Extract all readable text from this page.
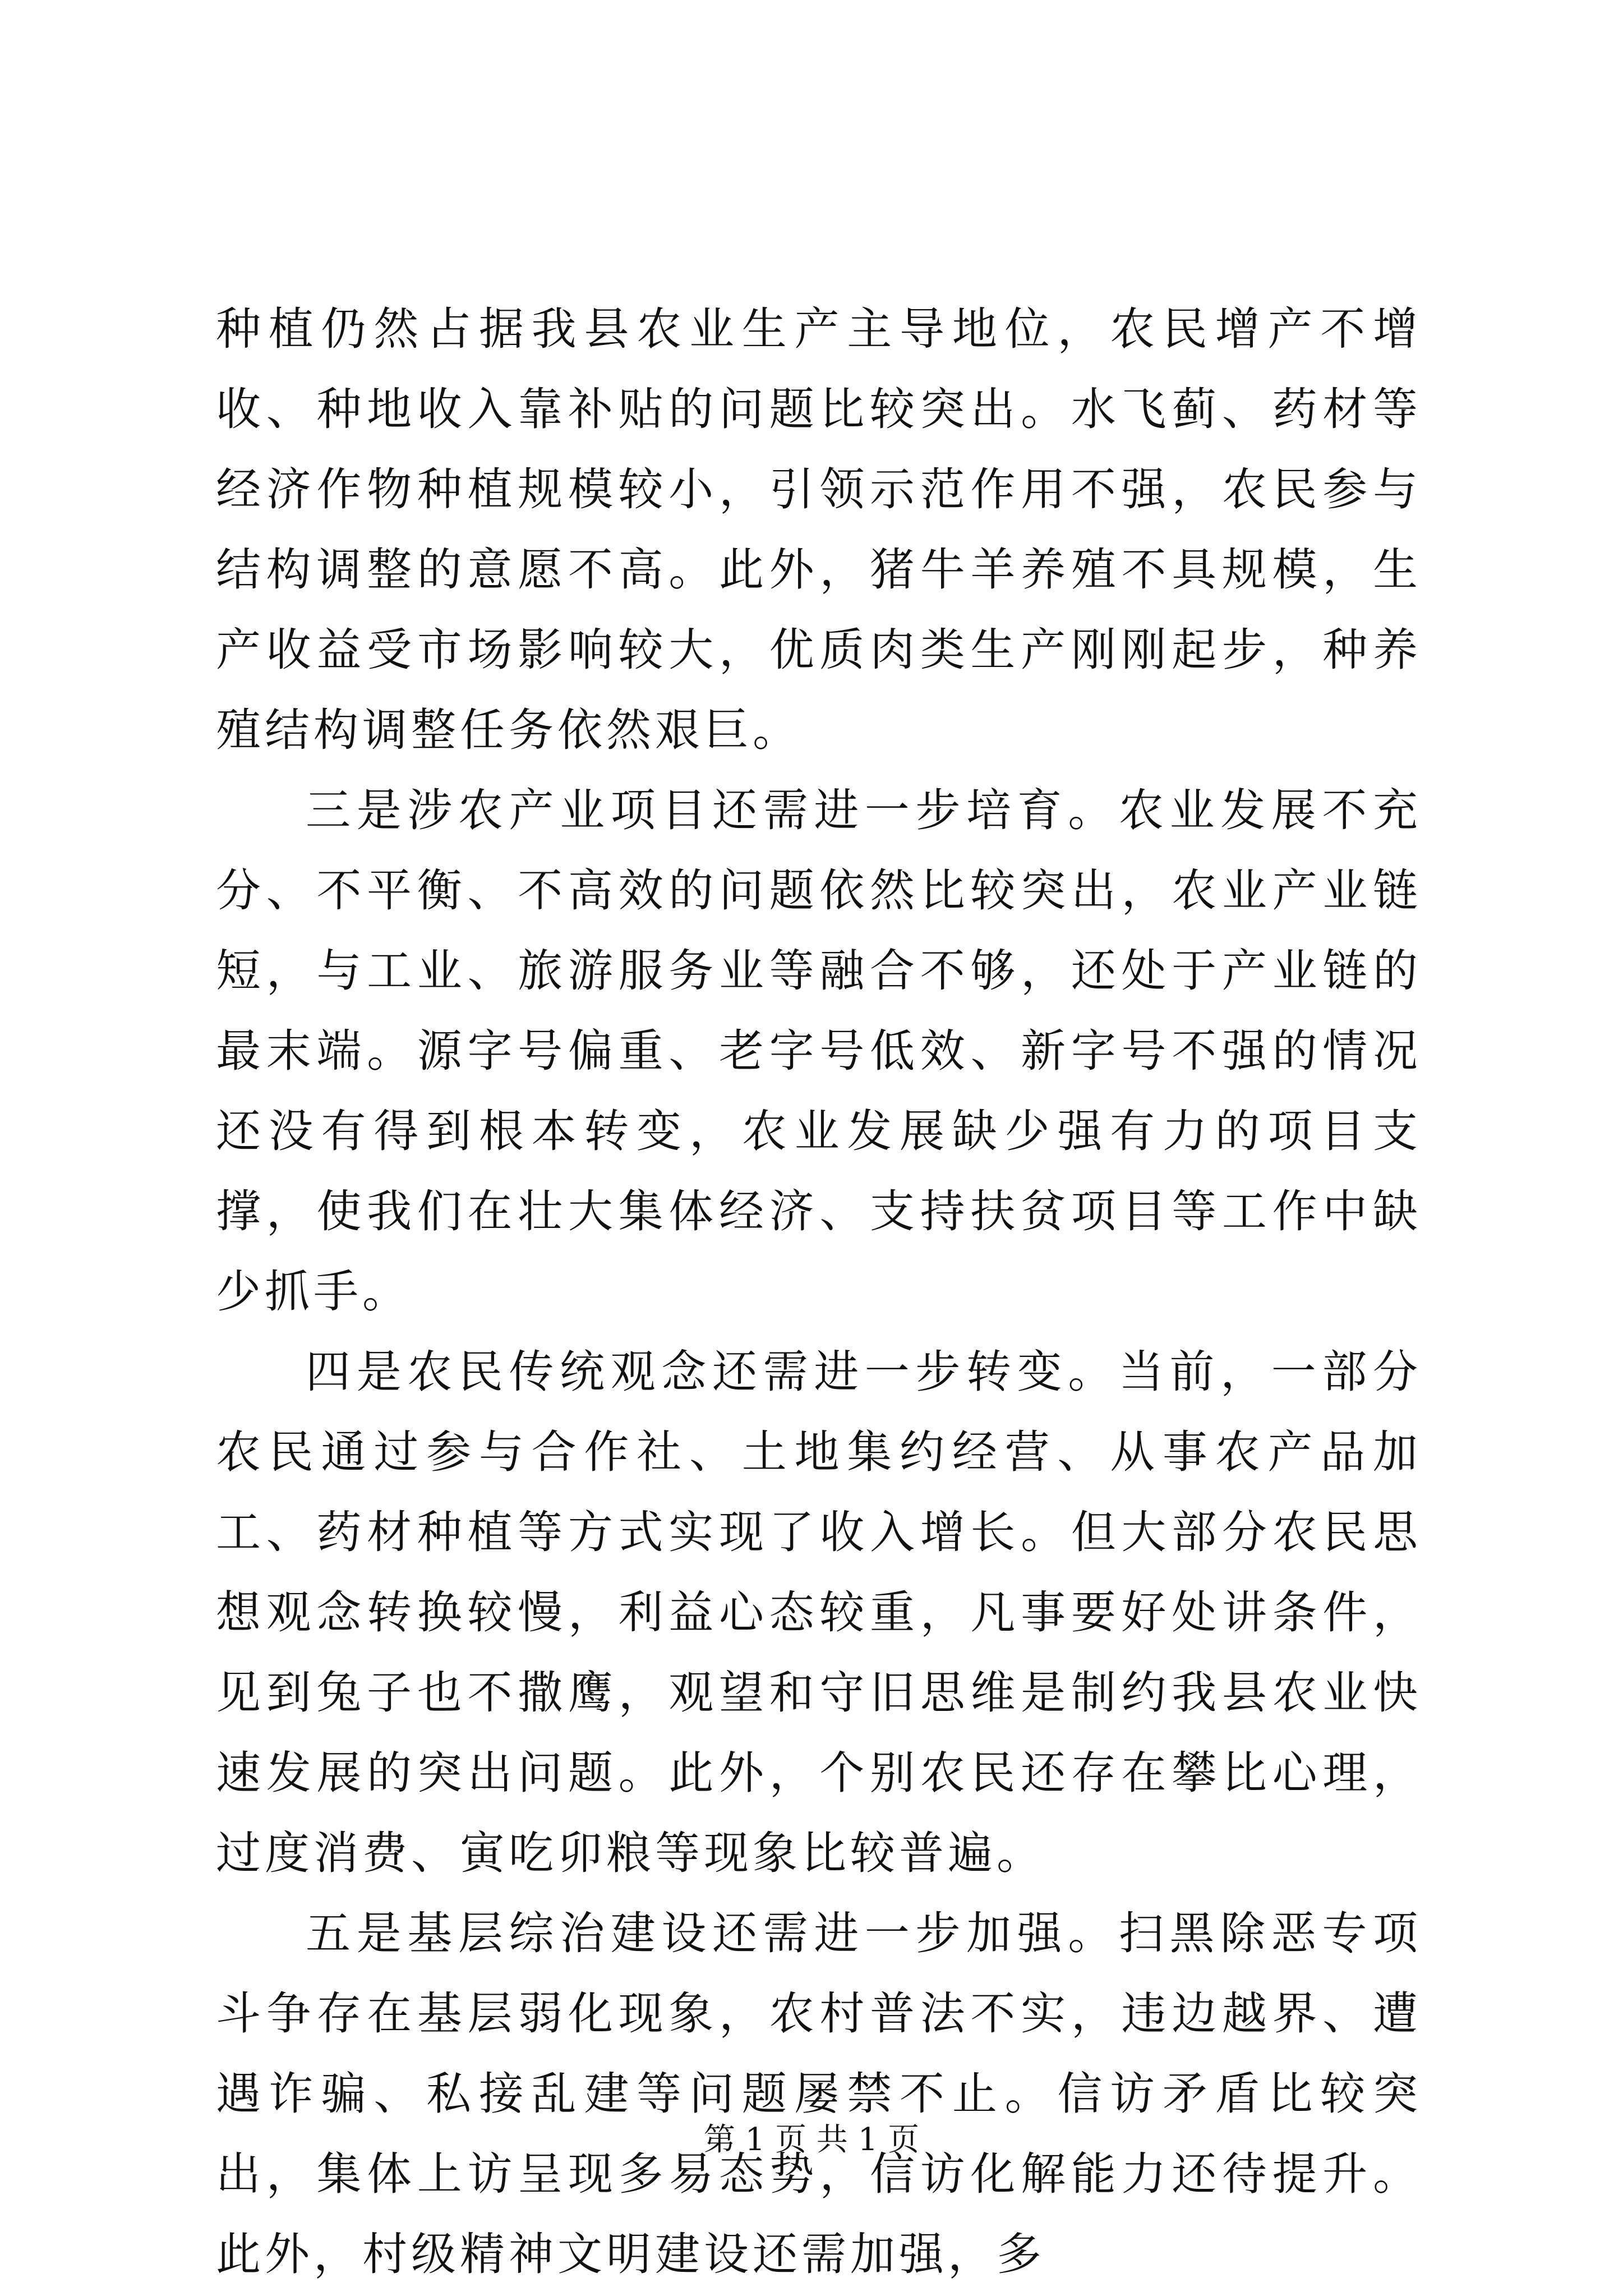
种植仍然占据我县农业生产主导地位，农民增产不增收、种地收入靠补贴的问题比较突出。水飞蓟、药材等经济作物种植规模较小，引领示范作用不强，农民参与结构调整的意愿不高。此外，猪牛羊养殖不具规模，生产收益受市场影响较大，优质肉类生产刚刚起步，种养殖结构调整任务依然艰巨。

三是涉农产业项目还需进一步培育。农业发展不充分、不平衡、不高效的问题依然比较突出，农业产业链短，与工业、旅游服务业等融合不够，还处于产业链的最末端。源字号偏重、老字号低效、新字号不强的情况还没有得到根本转变，农业发展缺少强有力的项目支撑，使我们在壮大集体经济、支持扶贫项目等工作中缺少抓手。

四是农民传统观念还需进一步转变。当前，一部分农民通过参与合作社、土地集约经营、从事农产品加工、药材种植等方式实现了收入增长。但大部分农民思想观念转换较慢，利益心态较重，凡事要好处讲条件，见到兔子也不撒鹰，观望和守旧思维是制约我县农业快速发展的突出问题。此外，个别农民还存在攀比心理，过度消费、寅吃卯粮等现象比较普遍。

五是基层综治建设还需进一步加强。扫黑除恶专项斗争存在基层弱化现象，农村普法不实，违边越界、遭遇诈骗、私接乱建等问题屡禁不止。信访矛盾比较突出，集体上访呈现多易态势，信访化解能力还待提升。此外，村级精神文明建设还需加强，多

第 1 页 共 1 页
